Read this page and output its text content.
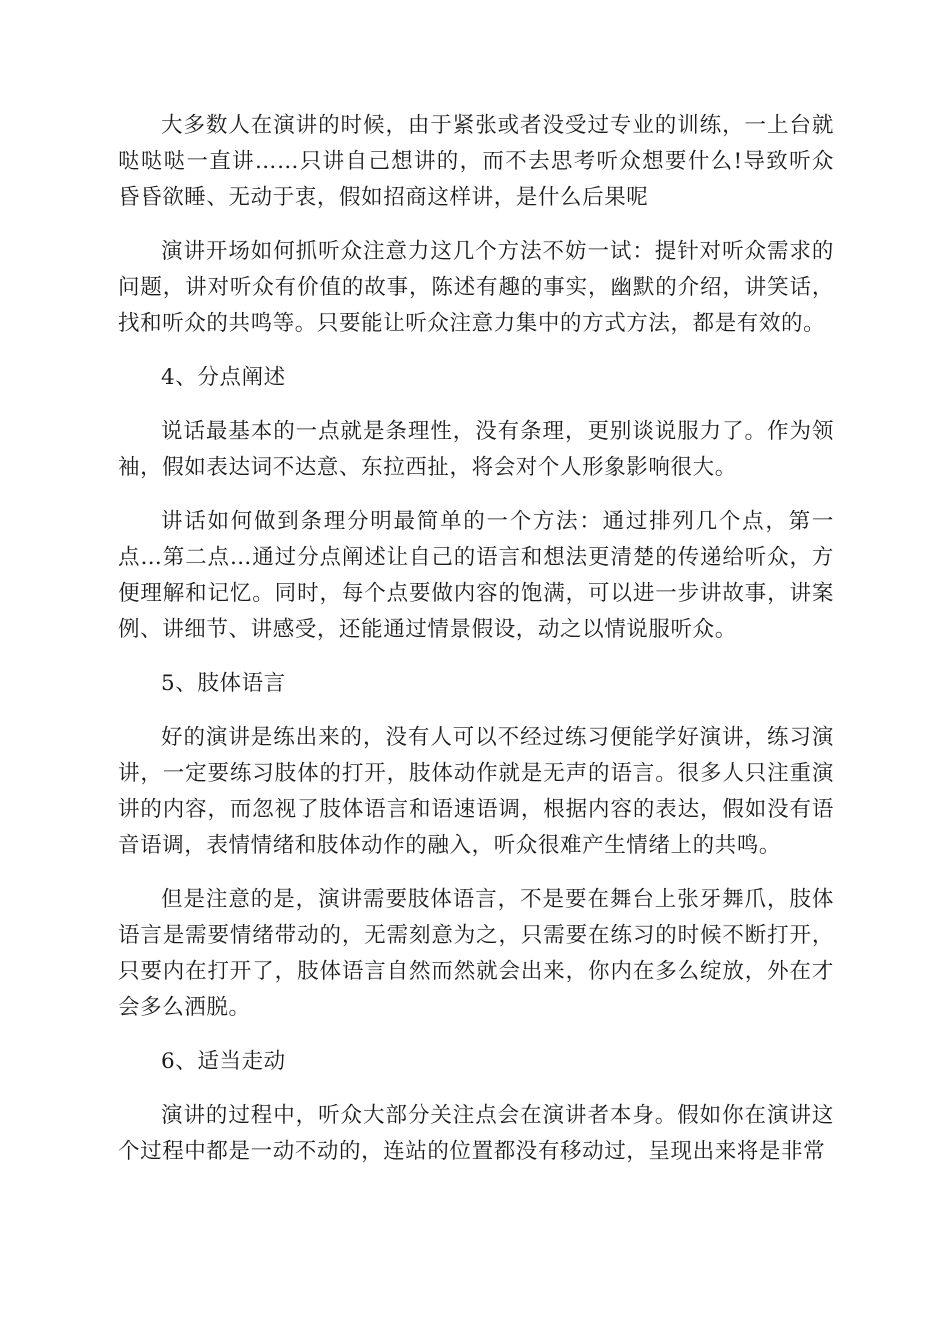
大多数人在演讲的时候，由于紧张或者没受过专业的训练，一上台就哒哒哒一直讲……只讲自己想讲的，而不去思考听众想要什么!导致听众昏昏欲睡、无动于衷，假如招商这样讲，是什么后果呢

演讲开场如何抓听众注意力这几个方法不妨一试：提针对听众需求的问题，讲对听众有价值的故事，陈述有趣的事实，幽默的介绍，讲笑话，找和听众的共鸣等。只要能让听众注意力集中的方式方法，都是有效的。

4、分点阐述

说话最基本的一点就是条理性，没有条理，更别谈说服力了。作为领袖，假如表达词不达意、东拉西扯，将会对个人形象影响很大。

讲话如何做到条理分明最简单的一个方法：通过排列几个点，第一点…第二点…通过分点阐述让自己的语言和想法更清楚的传递给听众，方便理解和记忆。同时，每个点要做内容的饱满，可以进一步讲故事，讲案例、讲细节、讲感受，还能通过情景假设，动之以情说服听众。

5、肢体语言

好的演讲是练出来的，没有人可以不经过练习便能学好演讲，练习演讲，一定要练习肢体的打开，肢体动作就是无声的语言。很多人只注重演讲的内容，而忽视了肢体语言和语速语调，根据内容的表达，假如没有语音语调，表情情绪和肢体动作的融入，听众很难产生情绪上的共鸣。

但是注意的是，演讲需要肢体语言，不是要在舞台上张牙舞爪，肢体语言是需要情绪带动的，无需刻意为之，只需要在练习的时候不断打开，只要内在打开了，肢体语言自然而然就会出来，你内在多么绽放，外在才会多么洒脱。

6、适当走动

演讲的过程中，听众大部分关注点会在演讲者本身。假如你在演讲这个过程中都是一动不动的，连站的位置都没有移动过，呈现出来将是非常
